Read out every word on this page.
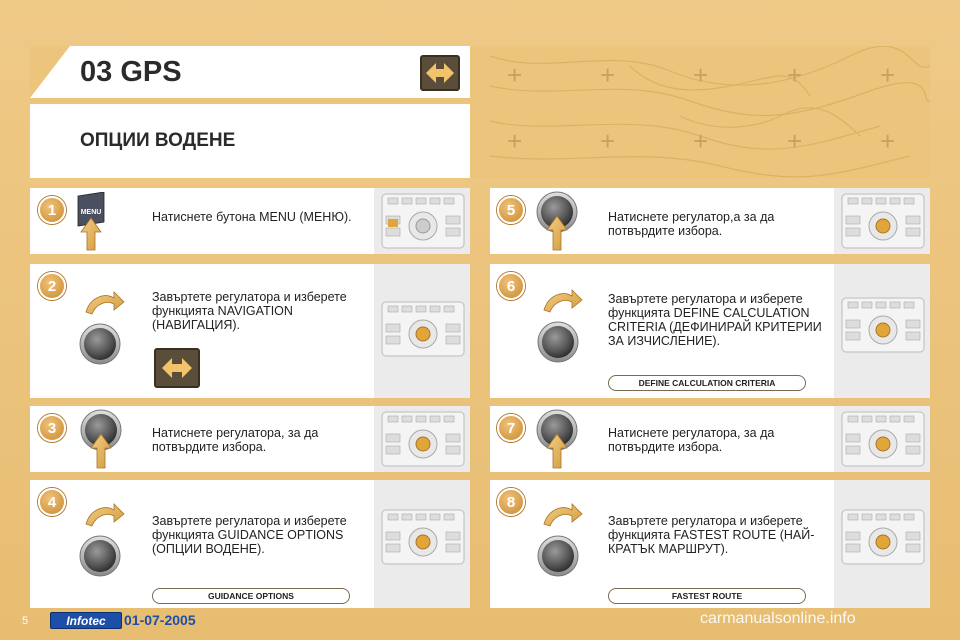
+	+	+	+	+
+	+	+	+	+
03 GPS
ОПЦИИ ВОДЕНЕ
1	MENU	Натиснете бутона MENU (МЕНЮ).
2
Завъртете регулатора и изберете функцията NAVIGATION (НАВИГАЦИЯ).
3	Натиснете регулатора, за да потвърдите избора.
4
Завъртете регулатора и изберете функцията GUIDANCE OPTIONS (ОПЦИИ ВОДЕНЕ).
GUIDANCE OPTIONS
5	Натиснете регулатор,а за да потвърдите избора.
6
Завъртете регулатора и изберете функцията DEFINE CALCULATION CRITERIA (ДЕФИНИРАЙ КРИТЕРИИ ЗА ИЗЧИСЛЕНИЕ).
DEFINE CALCULATION CRITERIA
7	Натиснете регулатора, за да потвърдите избора.
8
Завъртете регулатора и изберете функцията FASTEST ROUTE (НАЙ-КРАТЪК МАРШРУТ).
FASTEST ROUTE
5	Infotec	01-07-2005	carmanualsonline.info
